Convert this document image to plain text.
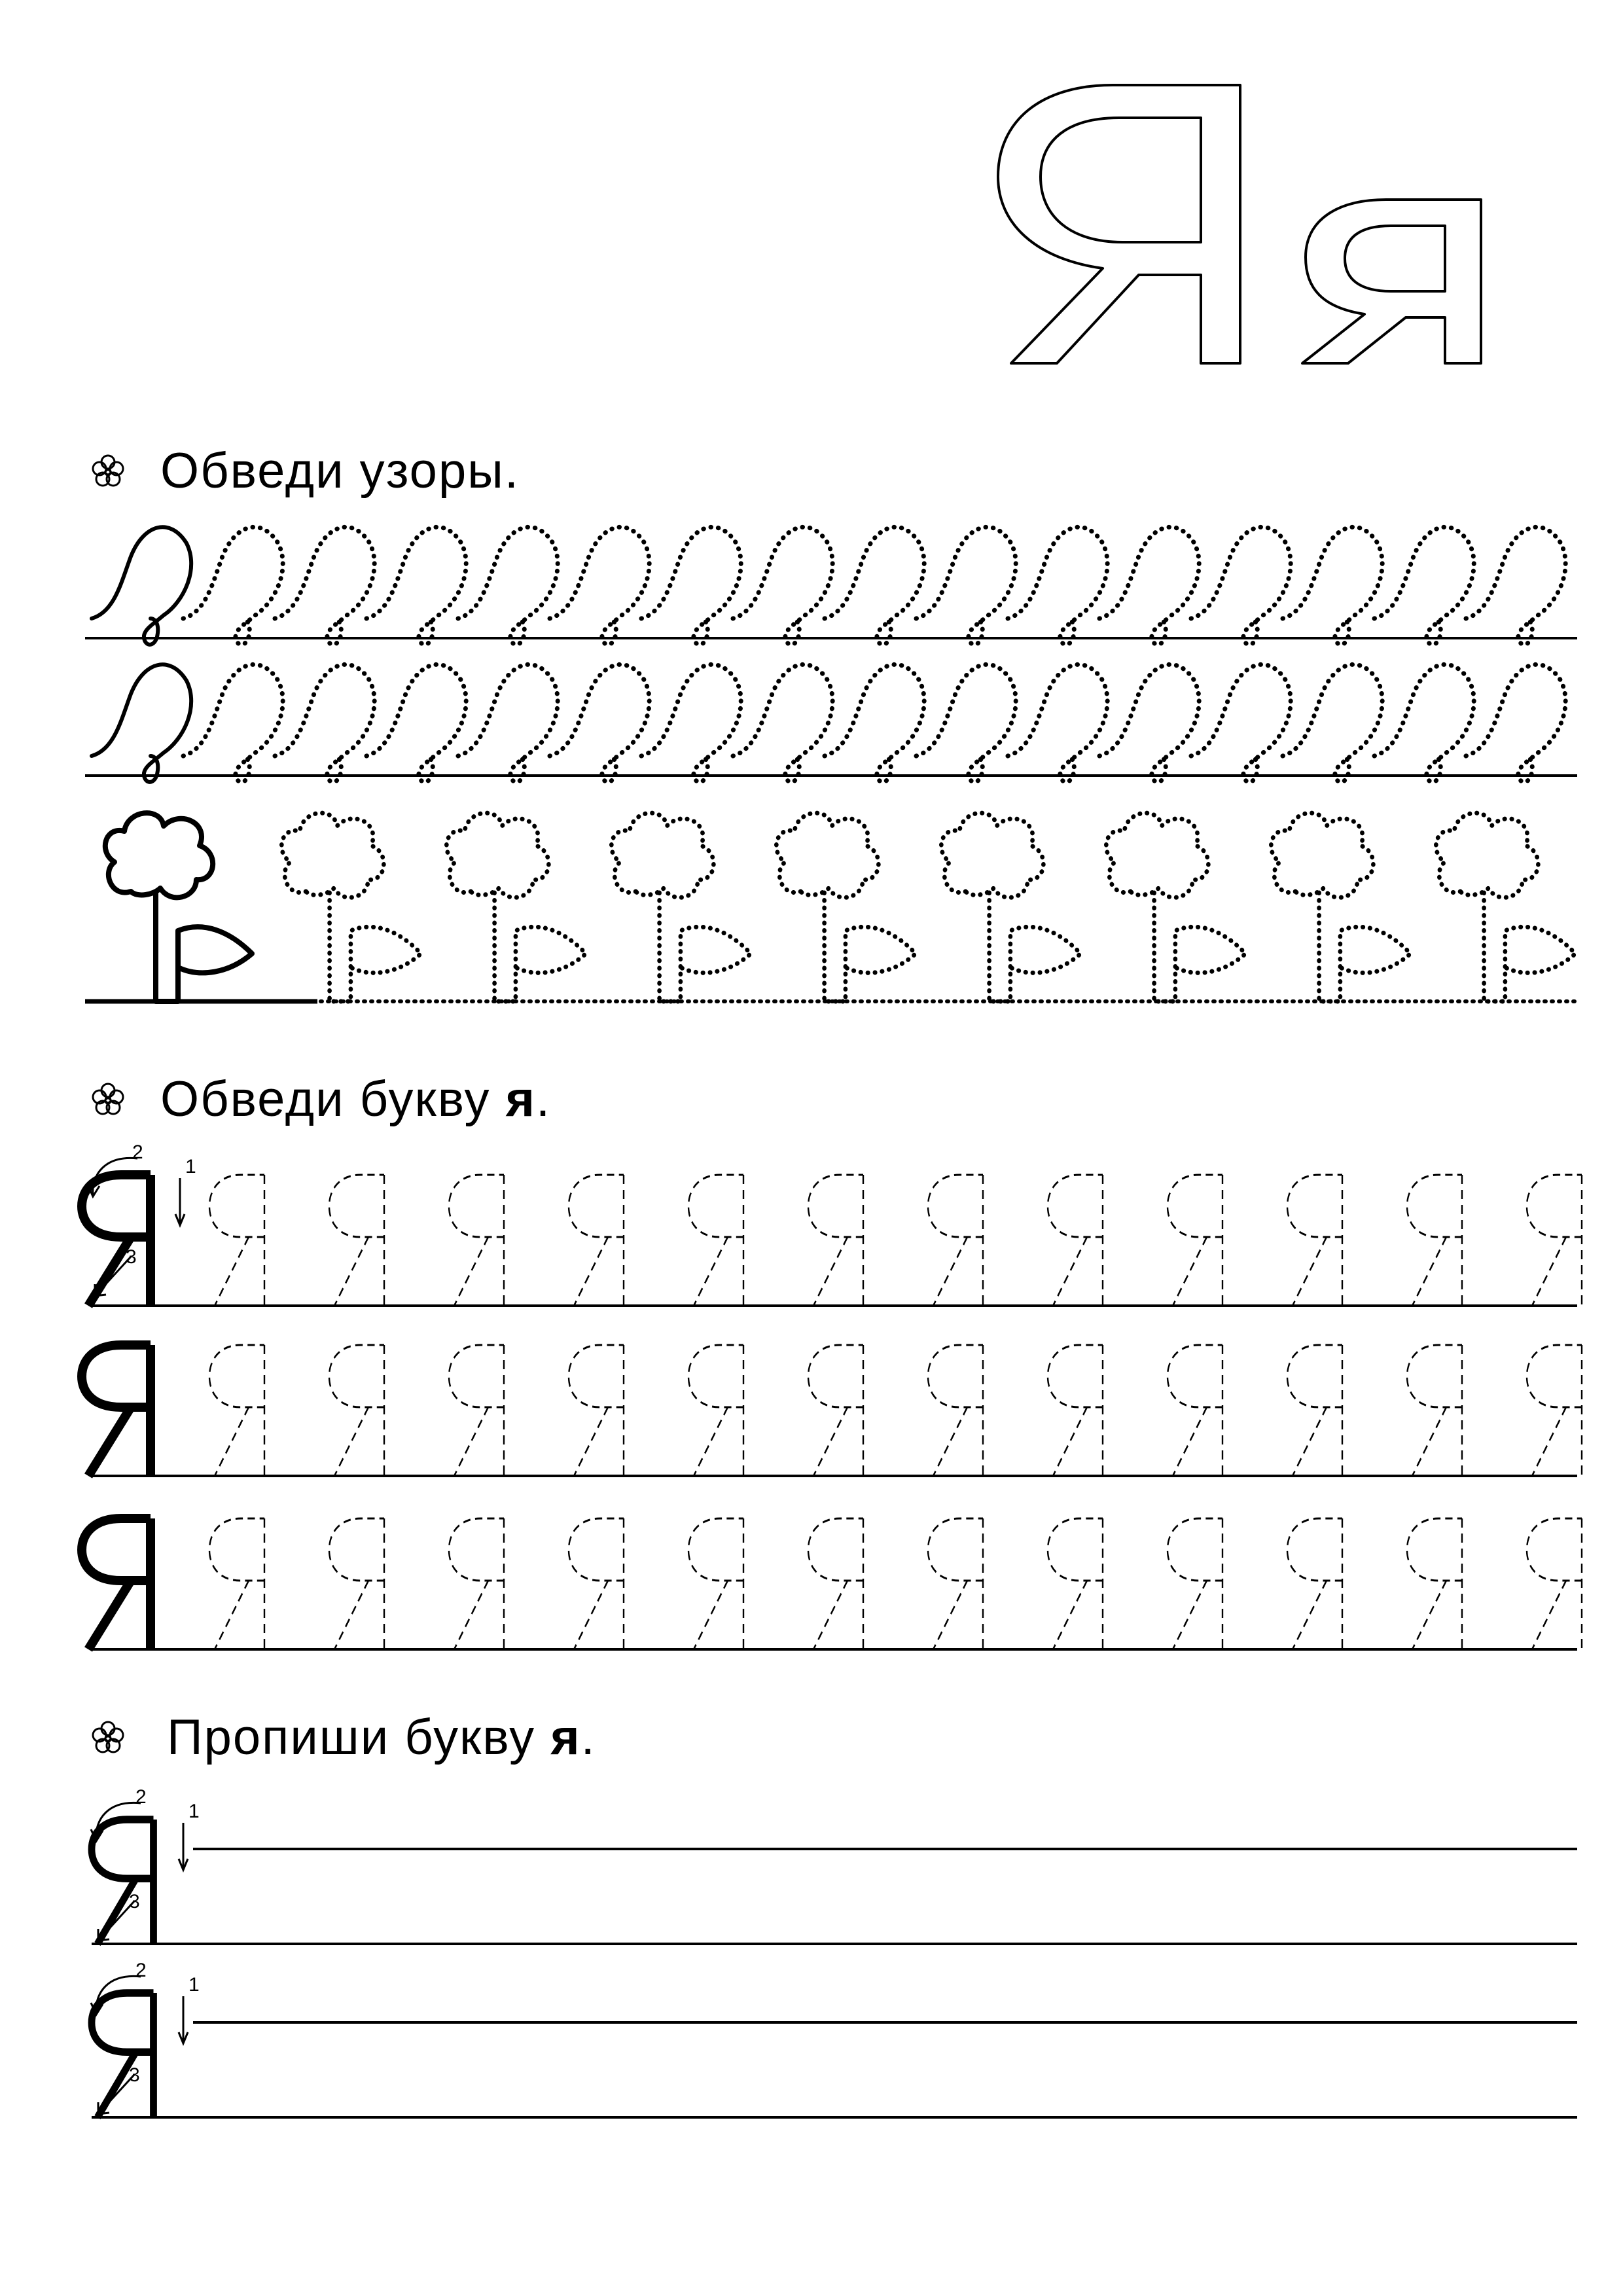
Обведи узоры.
Обведи букву я.
1
2
3
Пропиши букву я.
1
2
3
1
2
3
